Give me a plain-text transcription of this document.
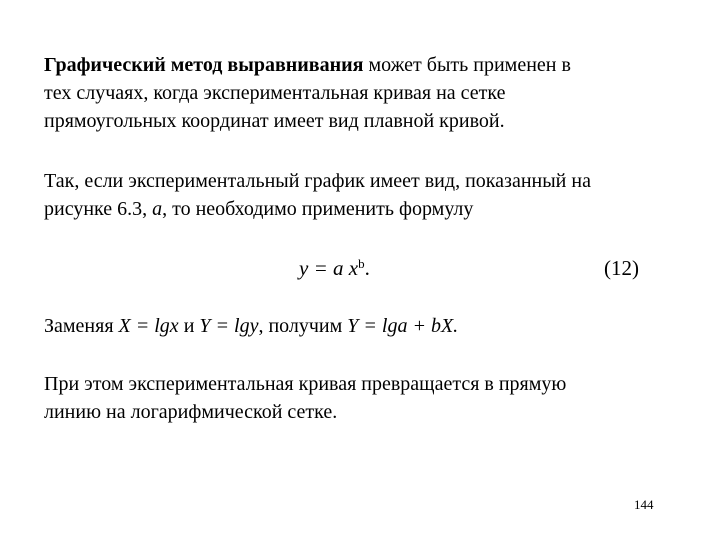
Графический метод выравнивания может быть применен в
тех случаях, когда экспериментальная кривая на сетке
прямоугольных координат имеет вид плавной кривой.

Так, если экспериментальный график имеет вид, показанный на
рисунке 6.3, а, то необходимо применить формулу

y = a $x^b$.	(12)

Заменяя X = lgx и Y = lgy, получим Y = lga + bX.

При этом экспериментальная кривая превращается в прямую
линию на логарифмической сетке.

144
